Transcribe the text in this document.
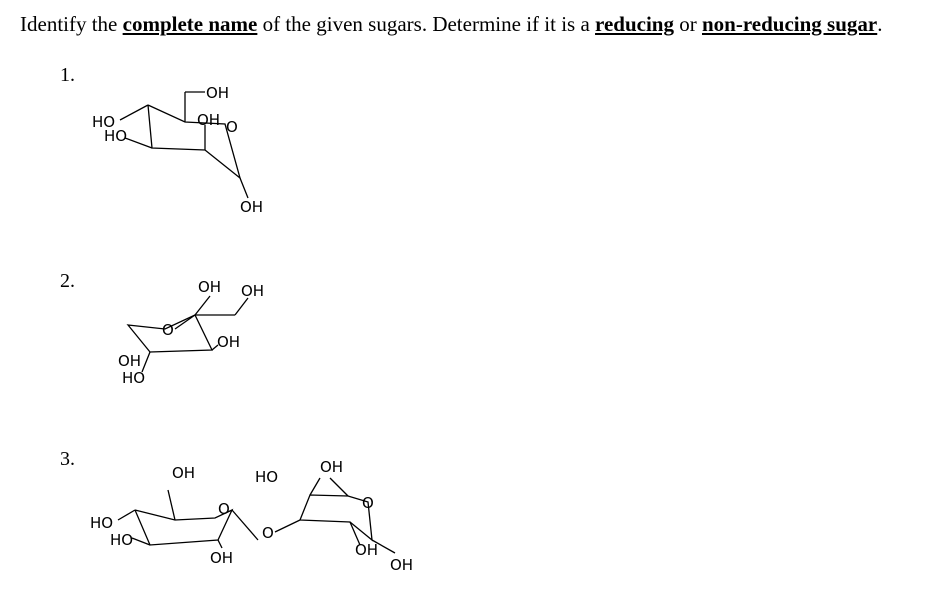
Identify the complete name of the given sugars. Determine if it is a reducing or non-reducing sugar.
1.
2.
3.
OH
OH O
HO
HO
OH
OH OH
O
OH
OH
HO
OH	HO
OH
O	O
O
HO
HO
OH	OH
OH
